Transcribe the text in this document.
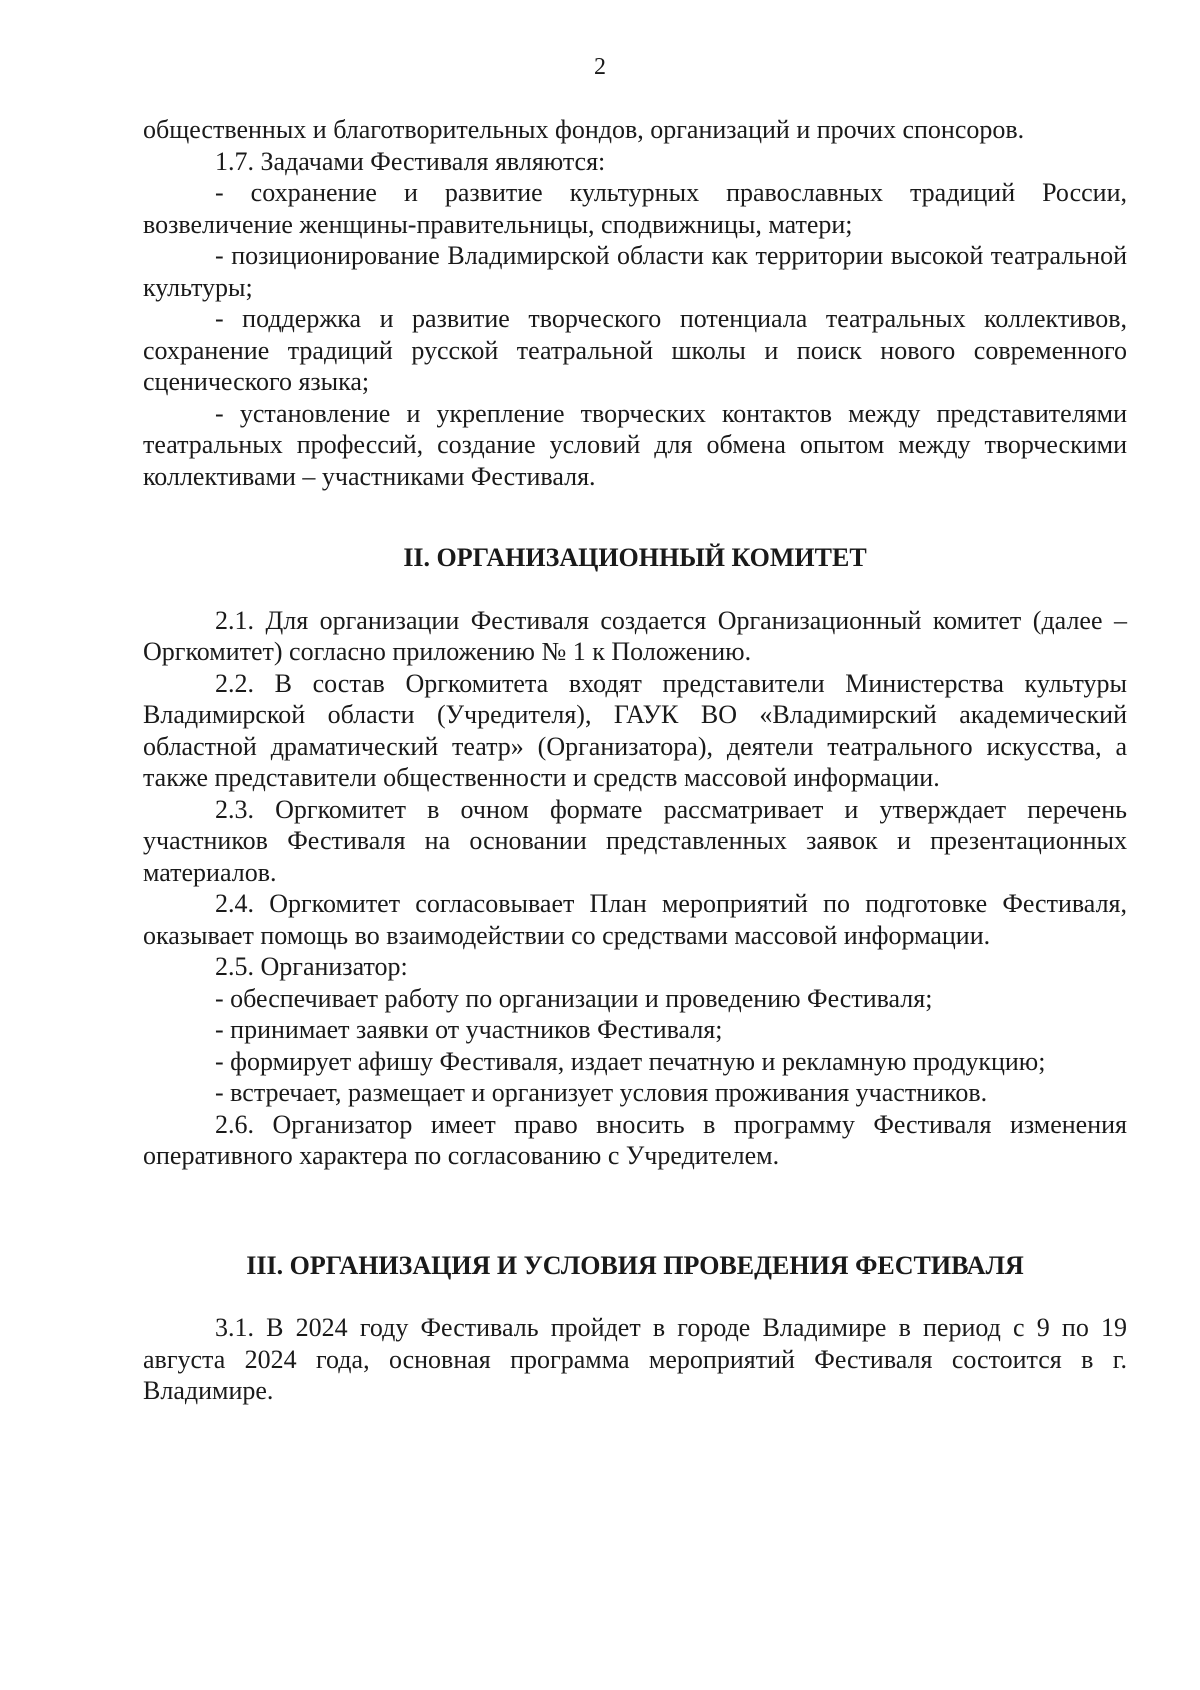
2

общественных и благотворительных фондов, организаций и прочих спонсоров.

1.7. Задачами Фестиваля являются:

- сохранение и развитие культурных православных традиций России, возвеличение женщины-правительницы, сподвижницы, матери;

- позиционирование Владимирской области как территории высокой театральной культуры;

- поддержка и развитие творческого потенциала театральных коллективов, сохранение традиций русской театральной школы и поиск нового современного сценического языка;

- установление и укрепление творческих контактов между представителями театральных профессий, создание условий для обмена опытом между творческими коллективами – участниками Фестиваля.

II. ОРГАНИЗАЦИОННЫЙ КОМИТЕТ

2.1. Для организации Фестиваля создается Организационный комитет (далее – Оргкомитет) согласно приложению № 1 к Положению.

2.2. В состав Оргкомитета входят представители Министерства культуры Владимирской области (Учредителя), ГАУК ВО «Владимирский академический областной драматический театр» (Организатора), деятели театрального искусства, а также представители общественности и средств массовой информации.

2.3. Оргкомитет в очном формате рассматривает и утверждает перечень участников Фестиваля на основании представленных заявок и презентационных материалов.

2.4. Оргкомитет согласовывает План мероприятий по подготовке Фестиваля, оказывает помощь во взаимодействии со средствами массовой информации.

2.5. Организатор:

- обеспечивает работу по организации и проведению Фестиваля;

- принимает заявки от участников Фестиваля;

- формирует афишу Фестиваля, издает печатную и рекламную продукцию;

- встречает, размещает и организует условия проживания участников.

2.6. Организатор имеет право вносить в программу Фестиваля изменения оперативного характера по согласованию с Учредителем.

III. ОРГАНИЗАЦИЯ И УСЛОВИЯ ПРОВЕДЕНИЯ ФЕСТИВАЛЯ

3.1. В 2024 году Фестиваль пройдет в городе Владимире в период с 9 по 19 августа 2024 года, основная программа мероприятий Фестиваля состоится в г. Владимире.
